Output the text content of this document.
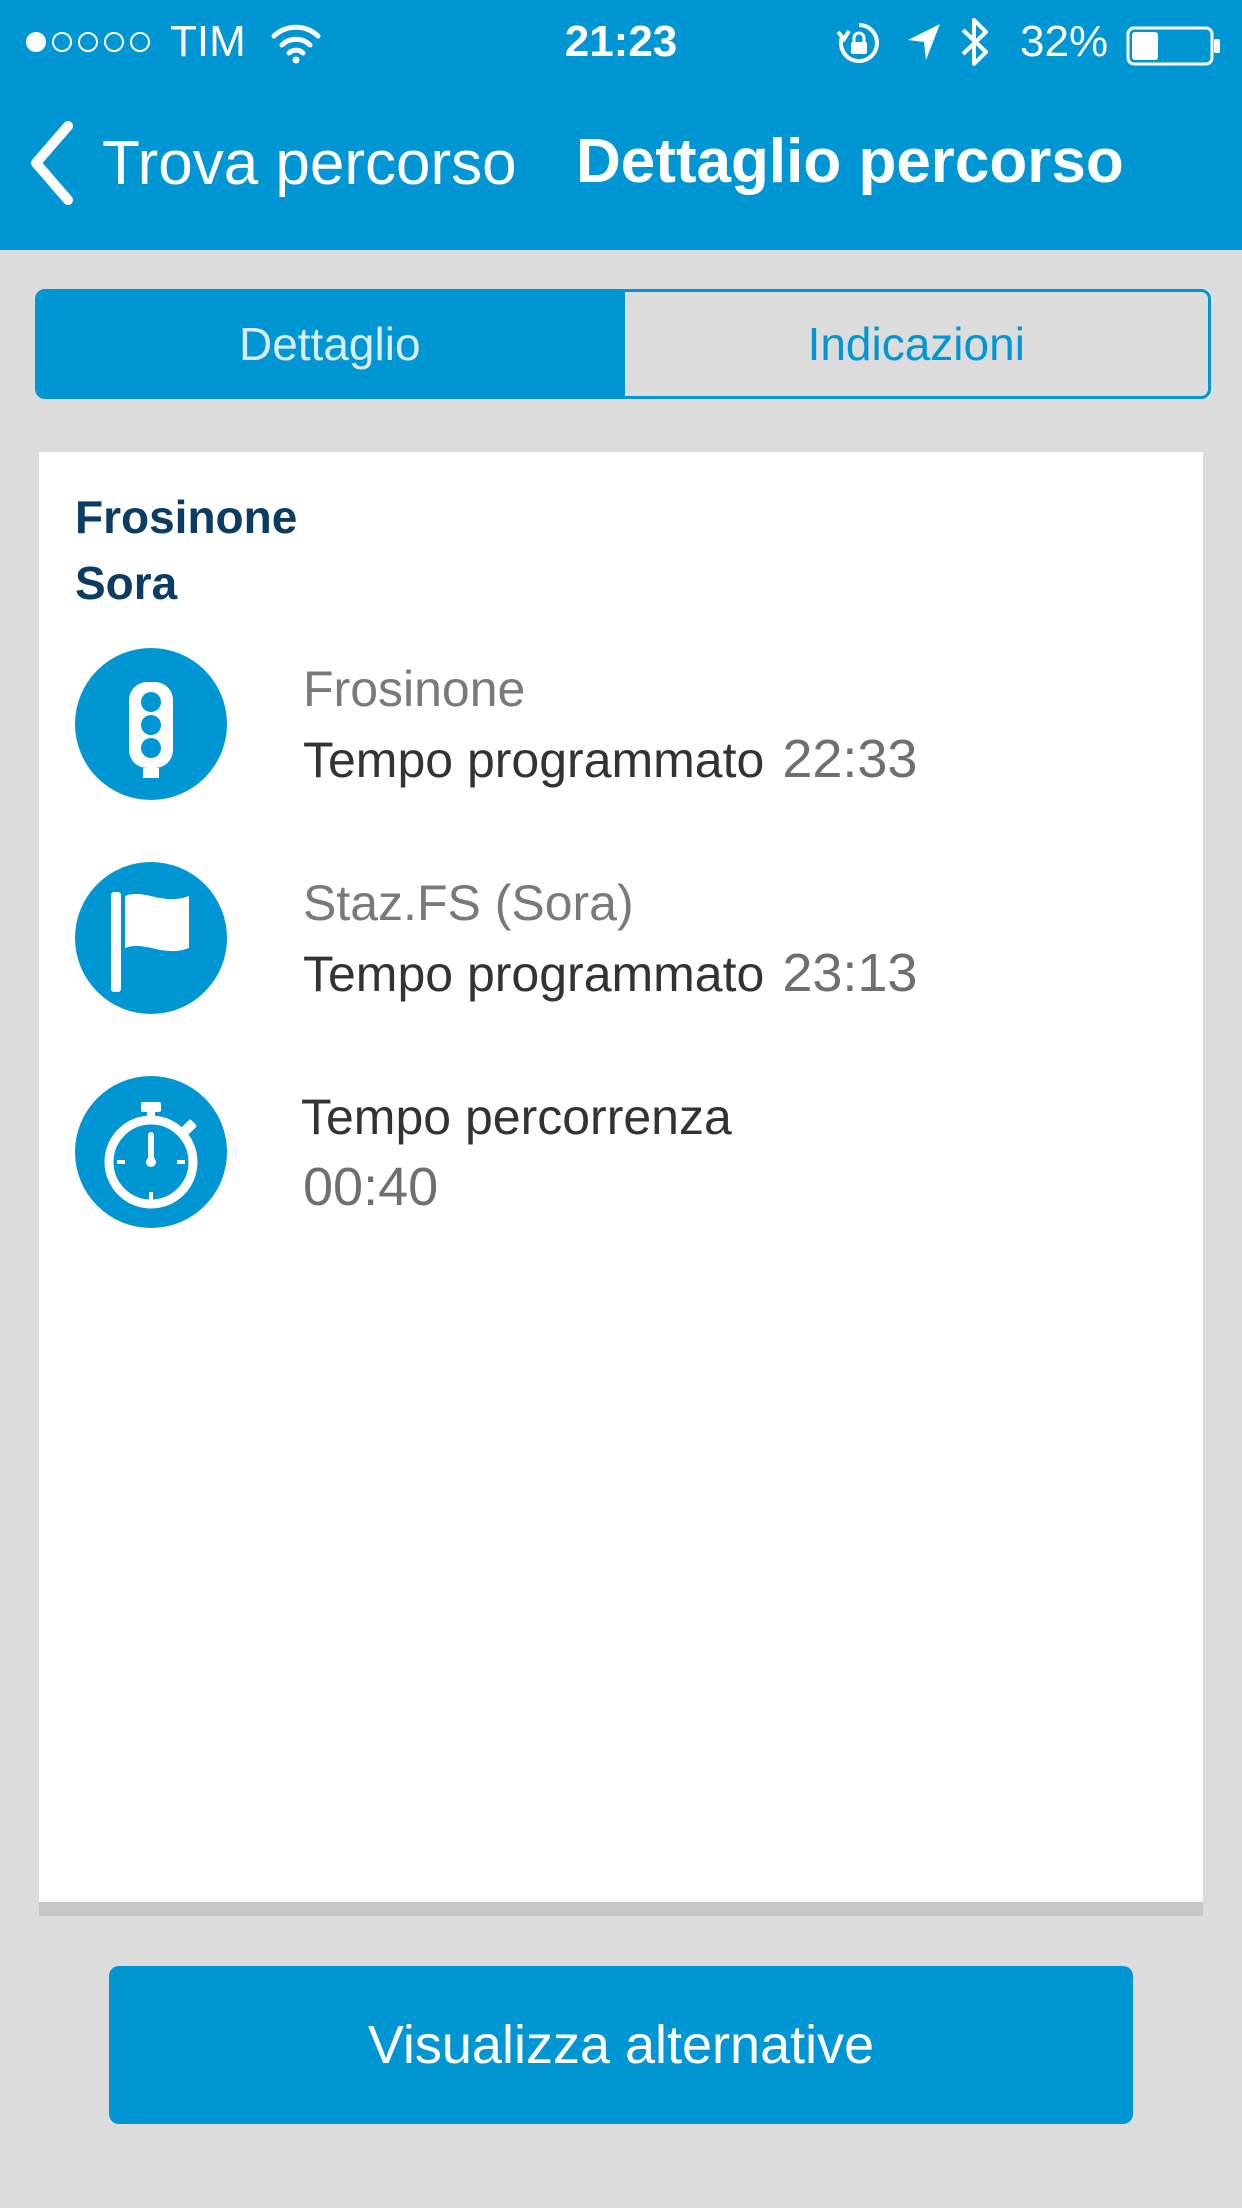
TIM	21:23	32%
Trova percorso Dettaglio percorso
Dettaglio	Indicazioni
Frosinone
Sora
Frosinone
Tempo programmato 22:33
Staz.FS (Sora)
Tempo programmato 23:13
Tempo percorrenza
00:40
Visualizza alternative
